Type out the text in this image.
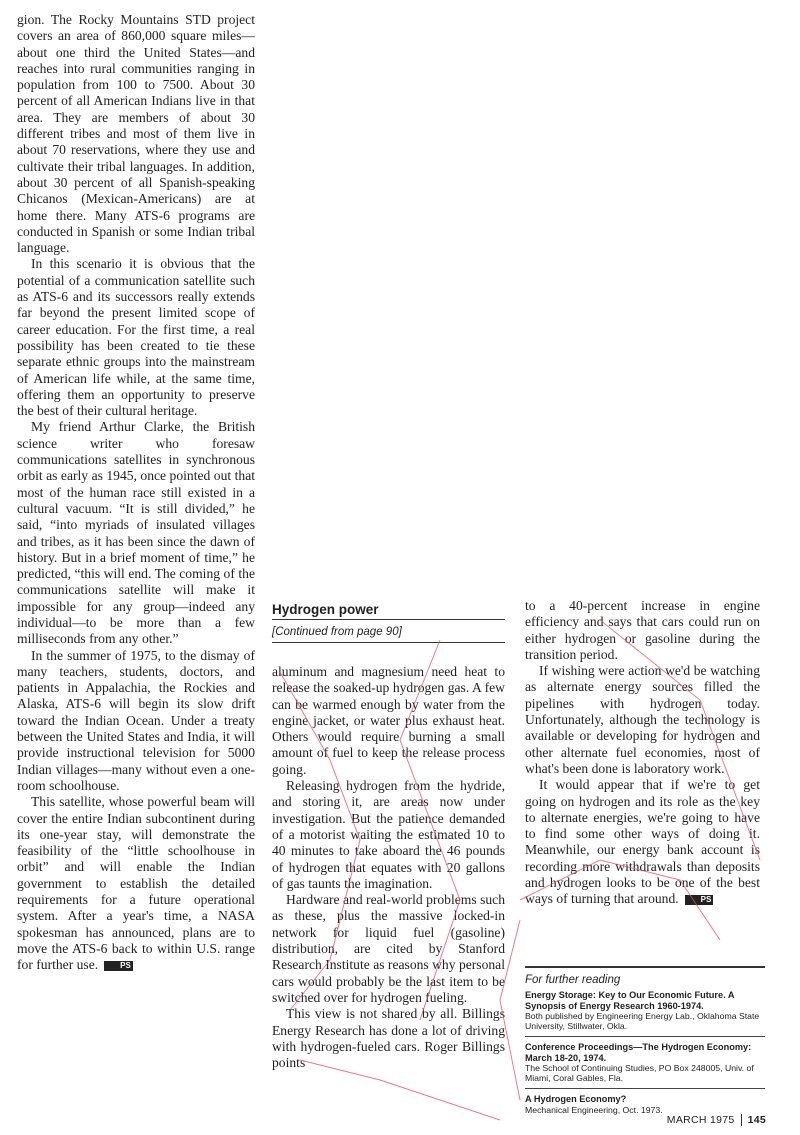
gion. The Rocky Mountains STD project covers an area of 860,000 square miles—about one third the United States—and reaches into rural communities ranging in population from 100 to 7500. About 30 percent of all American Indians live in that area. They are members of about 30 different tribes and most of them live in about 70 reservations, where they use and cultivate their tribal languages. In addition, about 30 percent of all Spanish-speaking Chicanos (Mexican-Americans) are at home there. Many ATS-6 programs are conducted in Spanish or some Indian tribal language.

In this scenario it is obvious that the potential of a communication satellite such as ATS-6 and its successors really extends far beyond the present limited scope of career education. For the first time, a real possibility has been created to tie these separate ethnic groups into the mainstream of American life while, at the same time, offering them an opportunity to preserve the best of their cultural heritage.

My friend Arthur Clarke, the British science writer who foresaw communications satellites in synchronous orbit as early as 1945, once pointed out that most of the human race still existed in a cultural vacuum. “It is still divided,” he said, “into myriads of insulated villages and tribes, as it has been since the dawn of history. But in a brief moment of time,” he predicted, “this will end. The coming of the communications satellite will make it impossible for any group—indeed any individual—to be more than a few milliseconds from any other.”

In the summer of 1975, to the dismay of many teachers, students, doctors, and patients in Appalachia, the Rockies and Alaska, ATS-6 will begin its slow drift toward the Indian Ocean. Under a treaty between the United States and India, it will provide instructional television for 5000 Indian villages—many without even a one-room schoolhouse.

This satellite, whose powerful beam will cover the entire Indian subcontinent during its one-year stay, will demonstrate the feasibility of the “little schoolhouse in orbit” and will enable the Indian government to establish the detailed requirements for a future operational system. After a year's time, a NASA spokesman has announced, plans are to move the ATS-6 back to within U.S. range for further use. PS

Hydrogen power
[Continued from page 90]

aluminum and magnesium need heat to release the soaked-up hydrogen gas. A few can be warmed enough by water from the engine jacket, or water plus exhaust heat. Others would require burning a small amount of fuel to keep the release process going.

Releasing hydrogen from the hydride, and storing it, are areas now under investigation. But the patience demanded of a motorist waiting the estimated 10 to 40 minutes to take aboard the 46 pounds of hydrogen that equates with 20 gallons of gas taunts the imagination.

Hardware and real-world problems such as these, plus the massive locked-in network for liquid fuel (gasoline) distribution, are cited by Stanford Research Institute as reasons why personal cars would probably be the last item to be switched over for hydrogen fueling.

This view is not shared by all. Billings Energy Research has done a lot of driving with hydrogen-fueled cars. Roger Billings points

to a 40-percent increase in engine efficiency and says that cars could run on either hydrogen or gasoline during the transition period.

If wishing were action we'd be watching as alternate energy sources filled the pipelines with hydrogen today. Unfortunately, although the technology is available or developing for hydrogen and other alternate fuel economies, most of what's been done is laboratory work.

It would appear that if we're to get going on hydrogen and its role as the key to alternate energies, we're going to have to find some other ways of doing it. Meanwhile, our energy bank account is recording more withdrawals than deposits and hydrogen looks to be one of the best ways of turning that around. PS

For further reading
Energy Storage: Key to Our Economic Future. A Synopsis of Energy Research 1960-1974.
Both published by Engineering Energy Lab., Oklahoma State University, Stillwater, Okla.
Conference Proceedings—The Hydrogen Economy: March 18-20, 1974.
The School of Continuing Studies, PO Box 248005, Univ. of Miami, Coral Gables, Fla.
A Hydrogen Economy?
Mechanical Engineering, Oct. 1973.
MARCH 1975 145
